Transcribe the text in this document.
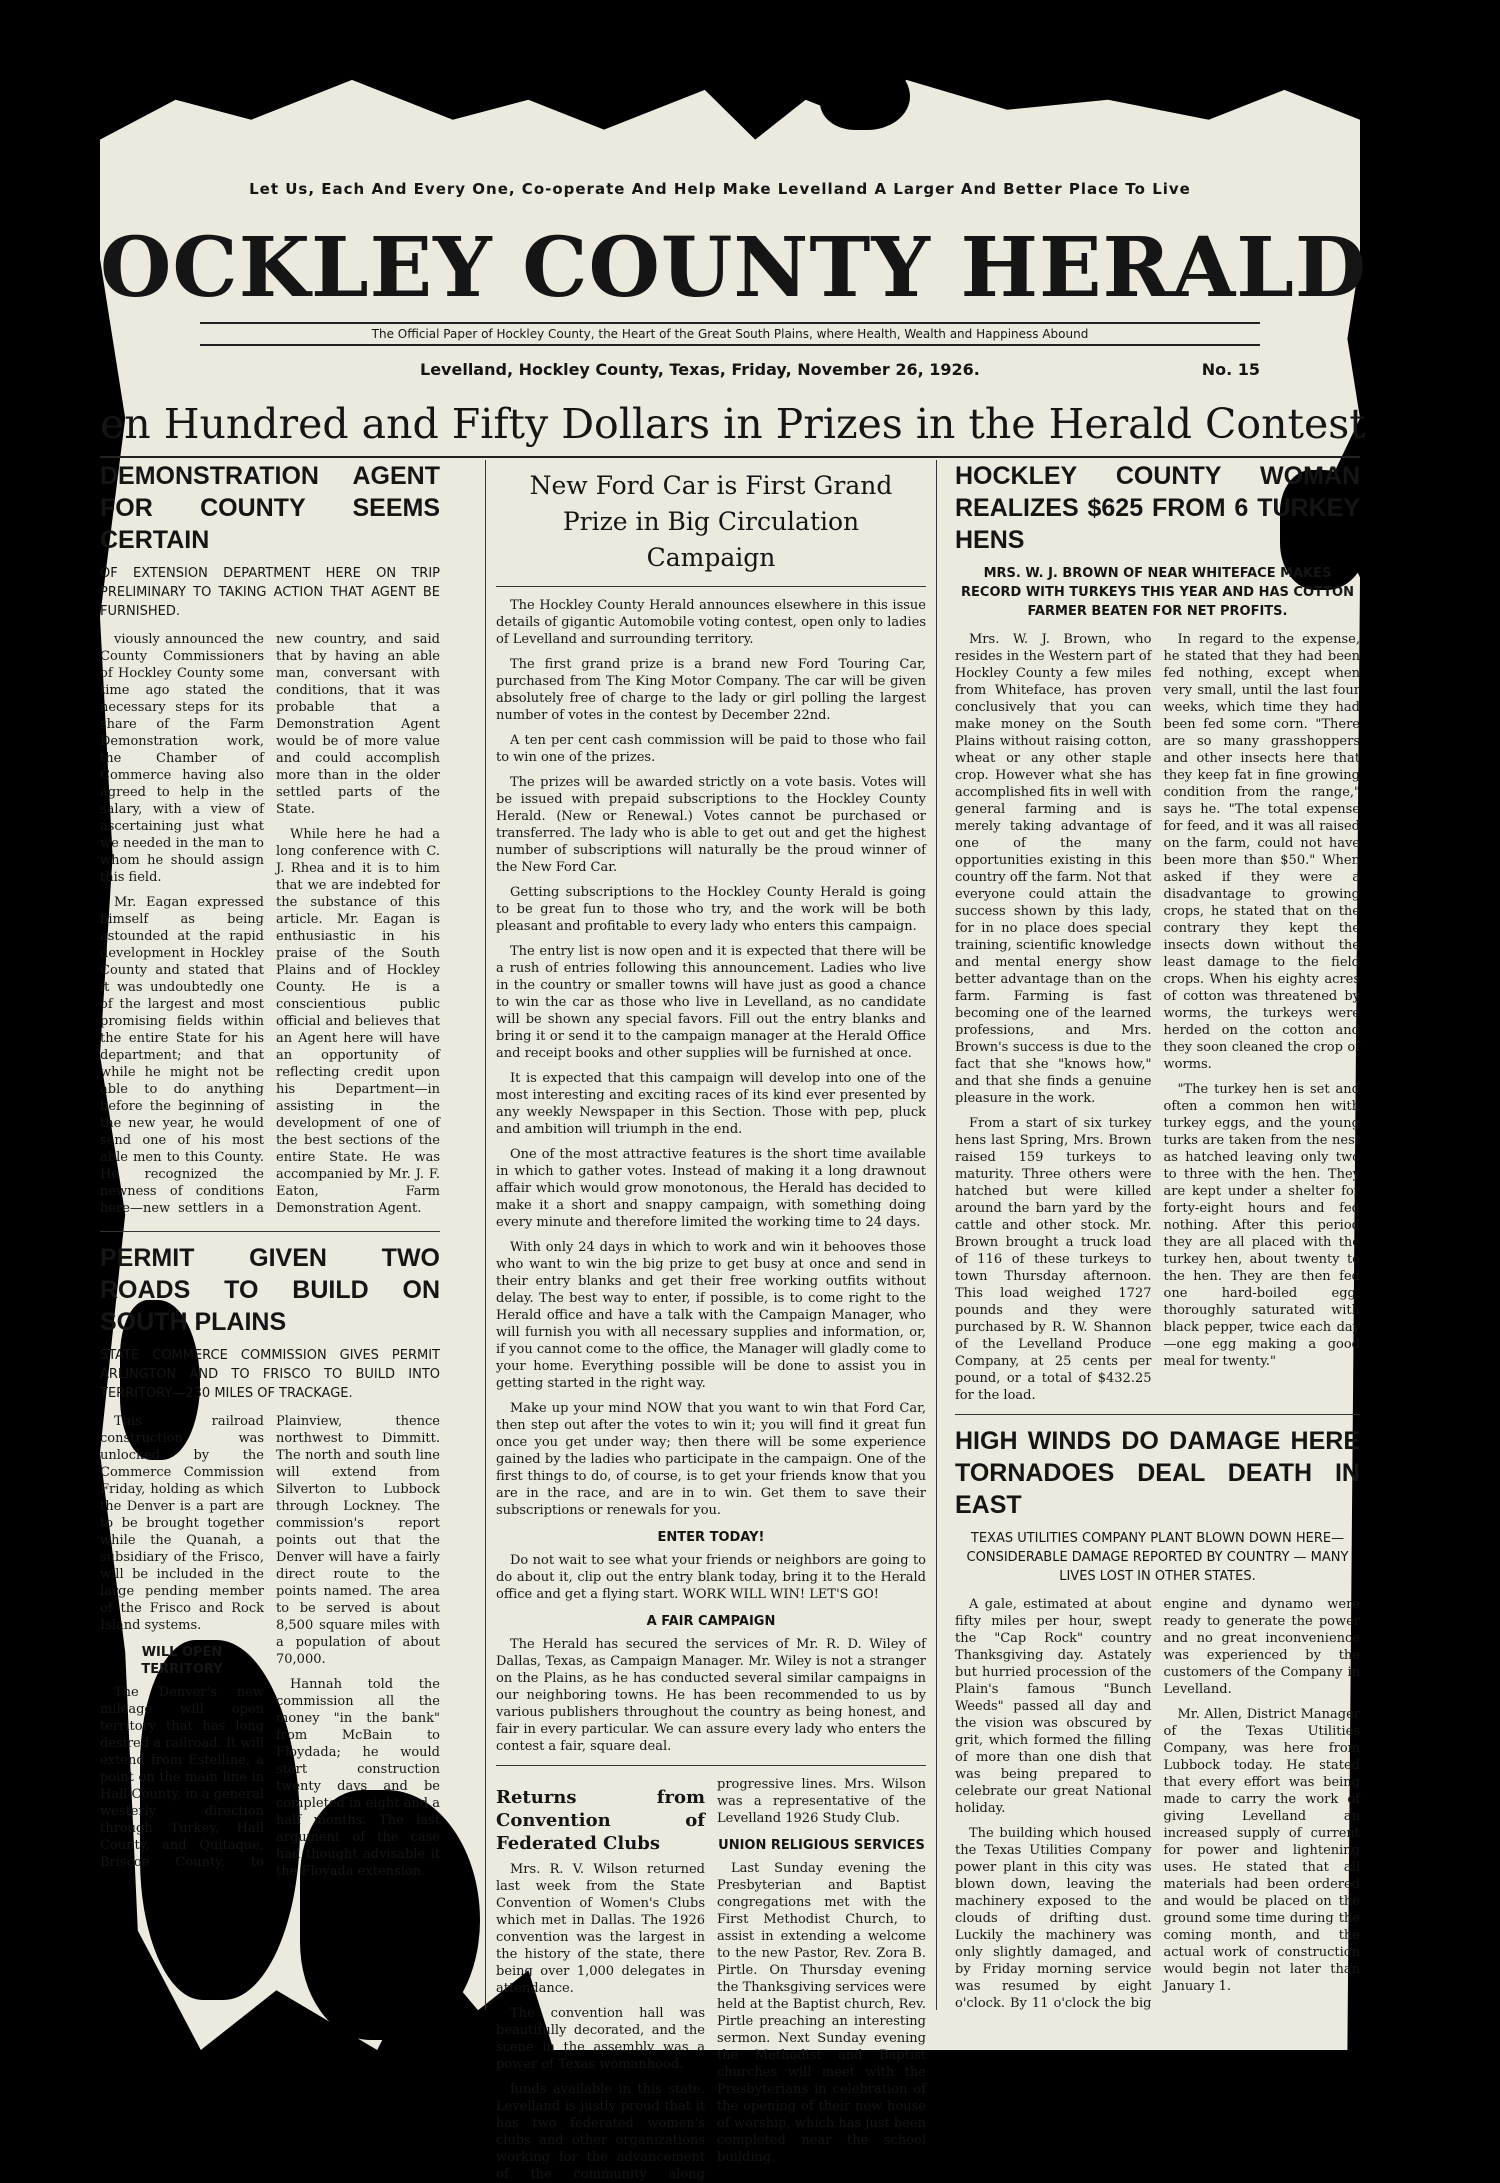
Let Us, Each And Every One, Co-operate And Help Make Levelland A Larger And Better Place To Live
OCKLEY COUNTY HERALD
The Official Paper of Hockley County, the Heart of the Great South Plains, where Health, Wealth and Happiness Abound
Levelland, Hockley County, Texas, Friday, November 26, 1926.	No. 15
en Hundred and Fifty Dollars in Prizes in the Herald Contest
DEMONSTRATION AGENT FOR COUNTY SEEMS CERTAIN
OF EXTENSION DEPARTMENT HERE ON TRIP PRELIMINARY TO TAKING ACTION THAT AGENT BE FURNISHED.

viously announced the County Commissioners of Hockley County some time ago stated the necessary steps for its share of the Farm Demonstration work, the Chamber of Commerce having also agreed to help in the salary, with a view of ascertaining just what we needed in the man to whom he should assign this field.

Mr. Eagan expressed himself as being astounded at the rapid development in Hockley County and stated that it was undoubtedly one of the largest and most promising fields within the entire State for his department; and that while he might not be able to do anything before the beginning of the new year, he would send one of his most able men to this County. He recognized the newness of conditions here—new settlers in a new country, and said that by having an able man, conversant with conditions, that it was probable that a Demonstration Agent would be of more value and could accomplish more than in the older settled parts of the State.

While here he had a long conference with C. J. Rhea and it is to him that we are indebted for the substance of this article. Mr. Eagan is enthusiastic in his praise of the South Plains and of Hockley County. He is a conscientious public official and believes that an Agent here will have an opportunity of reflecting credit upon his Department—in assisting in the development of one of the best sections of the entire State. He was accompanied by Mr. J. F. Eaton, Farm Demonstration Agent.

PERMIT GIVEN TWO ROADS TO BUILD ON SOUTH PLAINS
STATE COMMERCE COMMISSION GIVES PERMIT ARLINGTON AND TO FRISCO TO BUILD INTO TERRITORY—230 MILES OF TRACKAGE.

This railroad construction was unlocked by the Commerce Commission Friday, holding as which the Denver is a part are to be brought together while the Quanah, a subsidiary of the Frisco, will be included in the large pending member of the Frisco and Rock Island systems.

WILL OPEN TERRITORY

The Denver's new mileage will open territory that has long desired a railroad. It will extend from Estelline, a point on the main line in Hall County, in a general westerly direction through Turkey, Hall County, and Quitaque, Briscoe County, to Plainview, thence northwest to Dimmitt. The north and south line will extend from Silverton to Lubbock through Lockney. The commission's report points out that the Denver will have a fairly direct route to the points named. The area to be served is about 8,500 square miles with a population of about 70,000.

Hannah told the commission all the money "in the bank" from McBain to Floydada; he would start construction twenty days and be completed in eight and a half months. The last argument of the case had thought advisable it the Floyada extension.

New Ford Car is First Grand Prize in Big Circulation Campaign

The Hockley County Herald announces elsewhere in this issue details of gigantic Automobile voting contest, open only to ladies of Levelland and surrounding territory.

The first grand prize is a brand new Ford Touring Car, purchased from The King Motor Company. The car will be given absolutely free of charge to the lady or girl polling the largest number of votes in the contest by December 22nd.

A ten per cent cash commission will be paid to those who fail to win one of the prizes.

The prizes will be awarded strictly on a vote basis. Votes will be issued with prepaid subscriptions to the Hockley County Herald. (New or Renewal.) Votes cannot be purchased or transferred. The lady who is able to get out and get the highest number of subscriptions will naturally be the proud winner of the New Ford Car.

Getting subscriptions to the Hockley County Herald is going to be great fun to those who try, and the work will be both pleasant and profitable to every lady who enters this campaign.

The entry list is now open and it is expected that there will be a rush of entries following this announcement. Ladies who live in the country or smaller towns will have just as good a chance to win the car as those who live in Levelland, as no candidate will be shown any special favors. Fill out the entry blanks and bring it or send it to the campaign manager at the Herald Office and receipt books and other supplies will be furnished at once.

It is expected that this campaign will develop into one of the most interesting and exciting races of its kind ever presented by any weekly Newspaper in this Section. Those with pep, pluck and ambition will triumph in the end.

One of the most attractive features is the short time available in which to gather votes. Instead of making it a long drawnout affair which would grow monotonous, the Herald has decided to make it a short and snappy campaign, with something doing every minute and therefore limited the working time to 24 days.

With only 24 days in which to work and win it behooves those who want to win the big prize to get busy at once and send in their entry blanks and get their free working outfits without delay. The best way to enter, if possible, is to come right to the Herald office and have a talk with the Campaign Manager, who will furnish you with all necessary supplies and information, or, if you cannot come to the office, the Manager will gladly come to your home. Everything possible will be done to assist you in getting started in the right way.

Make up your mind NOW that you want to win that Ford Car, then step out after the votes to win it; you will find it great fun once you get under way; then there will be some experience gained by the ladies who participate in the campaign. One of the first things to do, of course, is to get your friends know that you are in the race, and are in to win. Get them to save their subscriptions or renewals for you.

ENTER TODAY!

Do not wait to see what your friends or neighbors are going to do about it, clip out the entry blank today, bring it to the Herald office and get a flying start. WORK WILL WIN! LET'S GO!

A FAIR CAMPAIGN

The Herald has secured the services of Mr. R. D. Wiley of Dallas, Texas, as Campaign Manager. Mr. Wiley is not a stranger on the Plains, as he has conducted several similar campaigns in our neighboring towns. He has been recommended to us by various publishers throughout the country as being honest, and fair in every particular. We can assure every lady who enters the contest a fair, square deal.

Returns from Convention of Federated Clubs

Mrs. R. V. Wilson returned last week from the State Convention of Women's Clubs which met in Dallas. The 1926 convention was the largest in the history of the state, there being over 1,000 delegates in attendance.

The convention hall was beautifully decorated, and the scene in the assembly was a power of Texas womanhood.

funds available in this state. Levelland is justly proud that it has two federated women's clubs and other organizations working for the advancement of the community along progressive lines. Mrs. Wilson was a representative of the Levelland 1926 Study Club.

UNION RELIGIOUS SERVICES

Last Sunday evening the Presbyterian and Baptist congregations met with the First Methodist Church, to assist in extending a welcome to the new Pastor, Rev. Zora B. Pirtle. On Thursday evening the Thanksgiving services were held at the Baptist church, Rev. Pirtle preaching an interesting sermon. Next Sunday evening the Methodist and Baptist churches will meet with the Presbyterians in celebration of the opening of their new house of worship, which has just been completed near the school building.

HOCKLEY COUNTY WOMAN REALIZES $625 FROM 6 TURKEY HENS
MRS. W. J. BROWN OF NEAR WHITEFACE MAKES RECORD WITH TURKEYS THIS YEAR AND HAS COTTON FARMER BEATEN FOR NET PROFITS.

Mrs. W. J. Brown, who resides in the Western part of Hockley County a few miles from Whiteface, has proven conclusively that you can make money on the South Plains without raising cotton, wheat or any other staple crop. However what she has accomplished fits in well with general farming and is merely taking advantage of one of the many opportunities existing in this country off the farm. Not that everyone could attain the success shown by this lady, for in no place does special training, scientific knowledge and mental energy show better advantage than on the farm. Farming is fast becoming one of the learned professions, and Mrs. Brown's success is due to the fact that she "knows how," and that she finds a genuine pleasure in the work.

From a start of six turkey hens last Spring, Mrs. Brown raised 159 turkeys to maturity. Three others were hatched but were killed around the barn yard by the cattle and other stock. Mr. Brown brought a truck load of 116 of these turkeys to town Thursday afternoon. This load weighed 1727 pounds and they were purchased by R. W. Shannon of the Levelland Produce Company, at 25 cents per pound, or a total of $432.25 for the load.

In regard to the expense, he stated that they had been fed nothing, except when very small, until the last four weeks, which time they had been fed some corn. "There are so many grasshoppers and other insects here that they keep fat in fine growing condition from the range," says he. "The total expense for feed, and it was all raised on the farm, could not have been more than $50." When asked if they were a disadvantage to growing crops, he stated that on the contrary they kept the insects down without the least damage to the field crops. When his eighty acres of cotton was threatened by worms, the turkeys were herded on the cotton and they soon cleaned the crop of worms.

"The turkey hen is set and often a common hen with turkey eggs, and the young turks are taken from the nest as hatched leaving only two to three with the hen. They are kept under a shelter for forty-eight hours and fed nothing. After this period they are all placed with the turkey hen, about twenty to the hen. They are then fed one hard-boiled egg, thoroughly saturated with black pepper, twice each day—one egg making a good meal for twenty."

HIGH WINDS DO DAMAGE HERE TORNADOES DEAL DEATH IN EAST
TEXAS UTILITIES COMPANY PLANT BLOWN DOWN HERE—CONSIDERABLE DAMAGE REPORTED BY COUNTRY — MANY LIVES LOST IN OTHER STATES.

A gale, estimated at about fifty miles per hour, swept the "Cap Rock" country Thanksgiving day. Astately but hurried procession of the Plain's famous "Bunch Weeds" passed all day and the vision was obscured by grit, which formed the filling of more than one dish that was being prepared to celebrate our great National holiday.

The building which housed the Texas Utilities Company power plant in this city was blown down, leaving the machinery exposed to the clouds of drifting dust. Luckily the machinery was only slightly damaged, and by Friday morning service was resumed by eight o'clock. By 11 o'clock the big engine and dynamo were ready to generate the power and no great inconvenience was experienced by the customers of the Company in Levelland.

Mr. Allen, District Manager of the Texas Utilities Company, was here from Lubbock today. He stated that every effort was being made to carry the work of giving Levelland an increased supply of current for power and lightening uses. He stated that all materials had been ordered and would be placed on the ground some time during the coming month, and the actual work of construction would begin not later than January 1.
